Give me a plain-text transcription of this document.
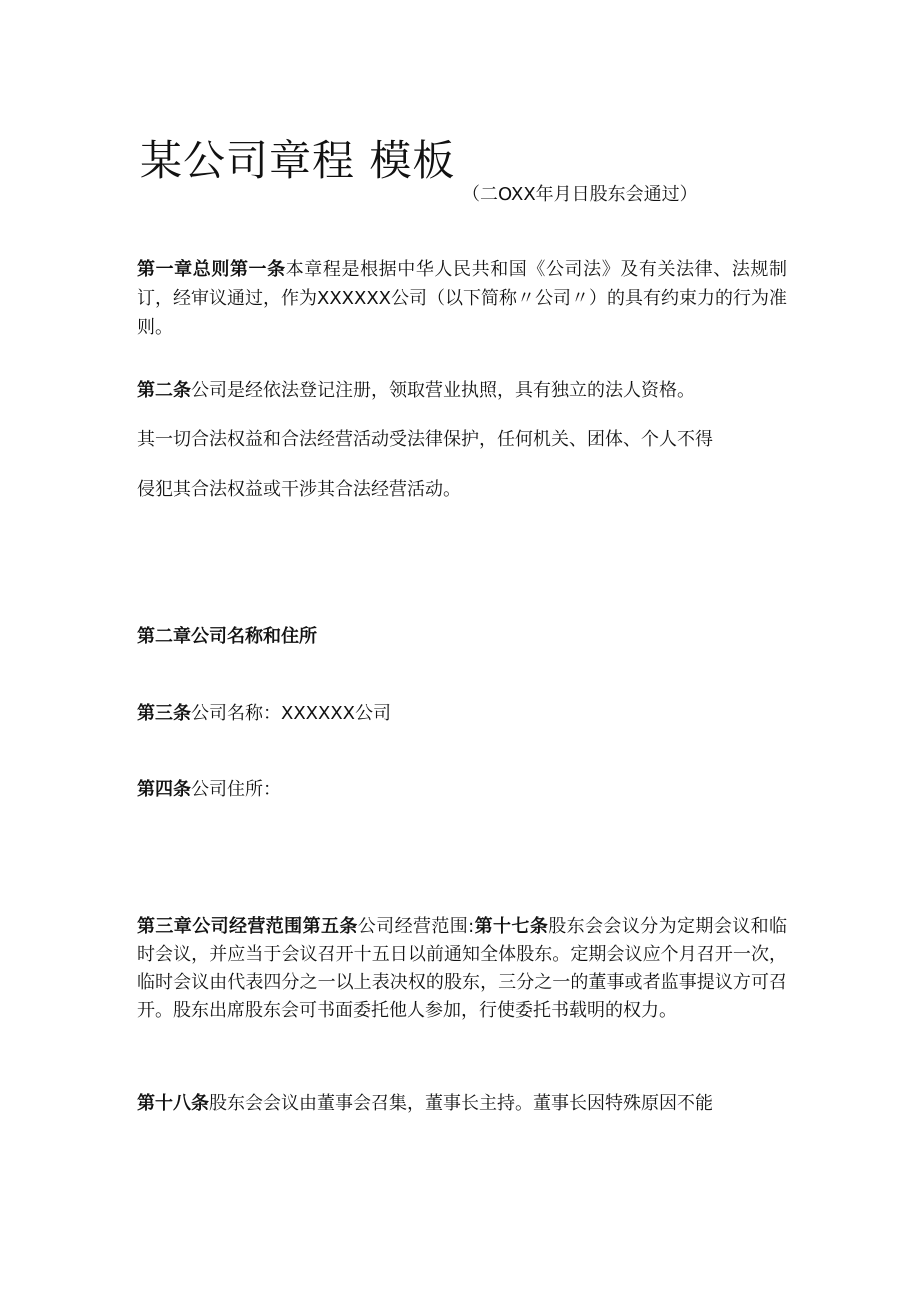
某公司章程 模板
（二OXX年月日股东会通过）
第一章总则第一条本章程是根据中华人民共和国《公司法》及有关法律、法规制订，经审议通过，作为XXXXXX公司（以下简称〃公司〃）的具有约束力的行为准则。
第二条公司是经依法登记注册，领取营业执照，具有独立的法人资格。
其一切合法权益和合法经营活动受法律保护，任何机关、团体、个人不得
侵犯其合法权益或干涉其合法经营活动。
第二章公司名称和住所
第三条公司名称：XXXXXX公司
第四条公司住所：
第三章公司经营范围第五条公司经营范围:第十七条股东会会议分为定期会议和临时会议，并应当于会议召开十五日以前通知全体股东。定期会议应个月召开一次，临时会议由代表四分之一以上表决权的股东，三分之一的董事或者监事提议方可召开。股东出席股东会可书面委托他人参加，行使委托书载明的权力。
第十八条股东会会议由董事会召集，董事长主持。董事长因特殊原因不能
